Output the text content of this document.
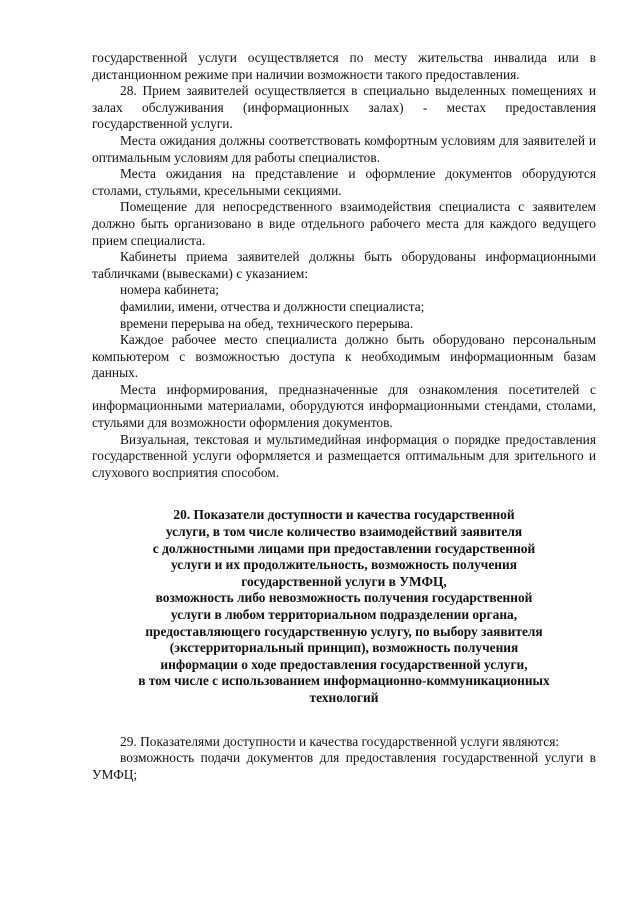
государственной услуги осуществляется по месту жительства инвалида или в дистанционном режиме при наличии возможности такого предоставления.

28. Прием заявителей осуществляется в специально выделенных помещениях и залах обслуживания (информационных залах) - местах предоставления государственной услуги.

Места ожидания должны соответствовать комфортным условиям для заявителей и оптимальным условиям для работы специалистов.

Места ожидания на представление и оформление документов оборудуются столами, стульями, кресельными секциями.

Помещение для непосредственного взаимодействия специалиста с заявителем должно быть организовано в виде отдельного рабочего места для каждого ведущего прием специалиста.

Кабинеты приема заявителей должны быть оборудованы информационными табличками (вывесками) с указанием:

номера кабинета;

фамилии, имени, отчества и должности специалиста;

времени перерыва на обед, технического перерыва.

Каждое рабочее место специалиста должно быть оборудовано персональным компьютером с возможностью доступа к необходимым информационным базам данных.

Места информирования, предназначенные для ознакомления посетителей с информационными материалами, оборудуются информационными стендами, столами, стульями для возможности оформления документов.

Визуальная, текстовая и мультимедийная информация о порядке предоставления государственной услуги оформляется и размещается оптимальным для зрительного и слухового восприятия способом.

20. Показатели доступности и качества государственной
услуги, в том числе количество взаимодействий заявителя
с должностными лицами при предоставлении государственной
услуги и их продолжительность, возможность получения
государственной услуги в УМФЦ,
возможность либо невозможность получения государственной
услуги в любом территориальном подразделении органа,
предоставляющего государственную услугу, по выбору заявителя
(экстерриториальный принцип), возможность получения
информации о ходе предоставления государственной услуги,
в том числе с использованием информационно-коммуникационных
технологий

29. Показателями доступности и качества государственной услуги являются:

возможность подачи документов для предоставления государственной услуги в УМФЦ;
